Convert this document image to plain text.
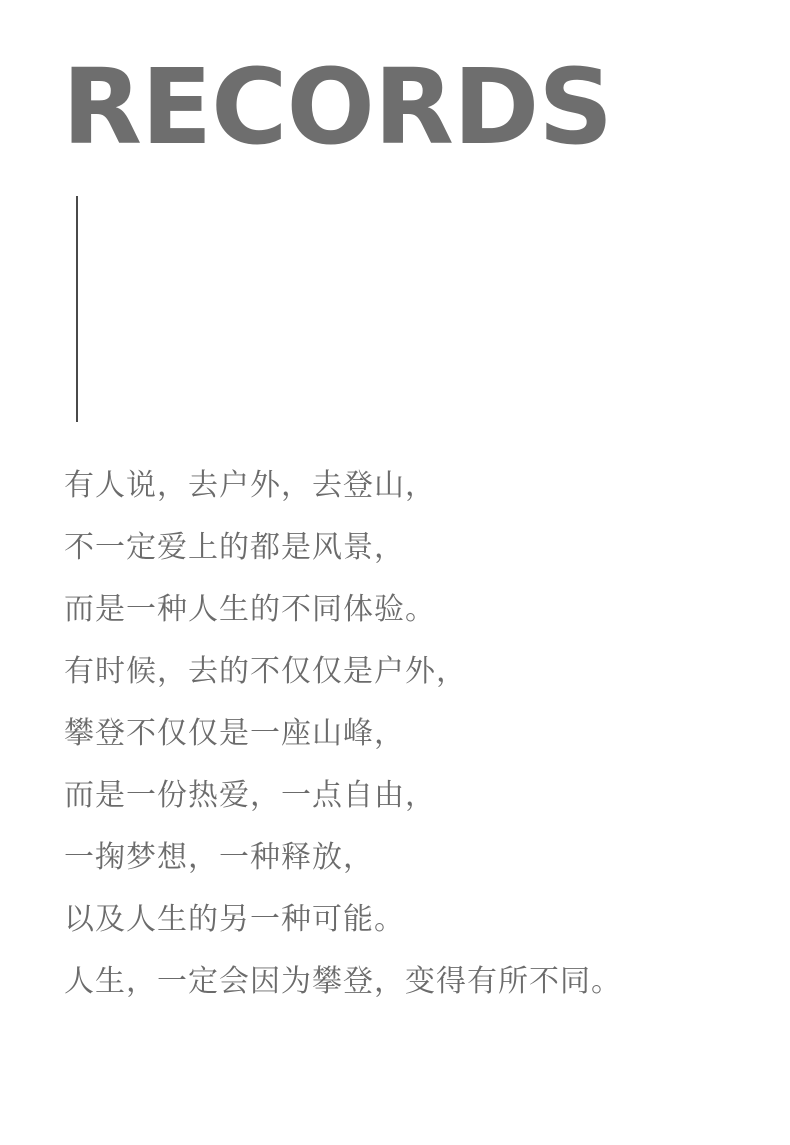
RECORDS
有人说，去户外，去登山，
不一定爱上的都是风景，
而是一种人生的不同体验。
有时候，去的不仅仅是户外，
攀登不仅仅是一座山峰，
而是一份热爱，一点自由，
一掬梦想，一种释放，
以及人生的另一种可能。
人生，一定会因为攀登，变得有所不同。
